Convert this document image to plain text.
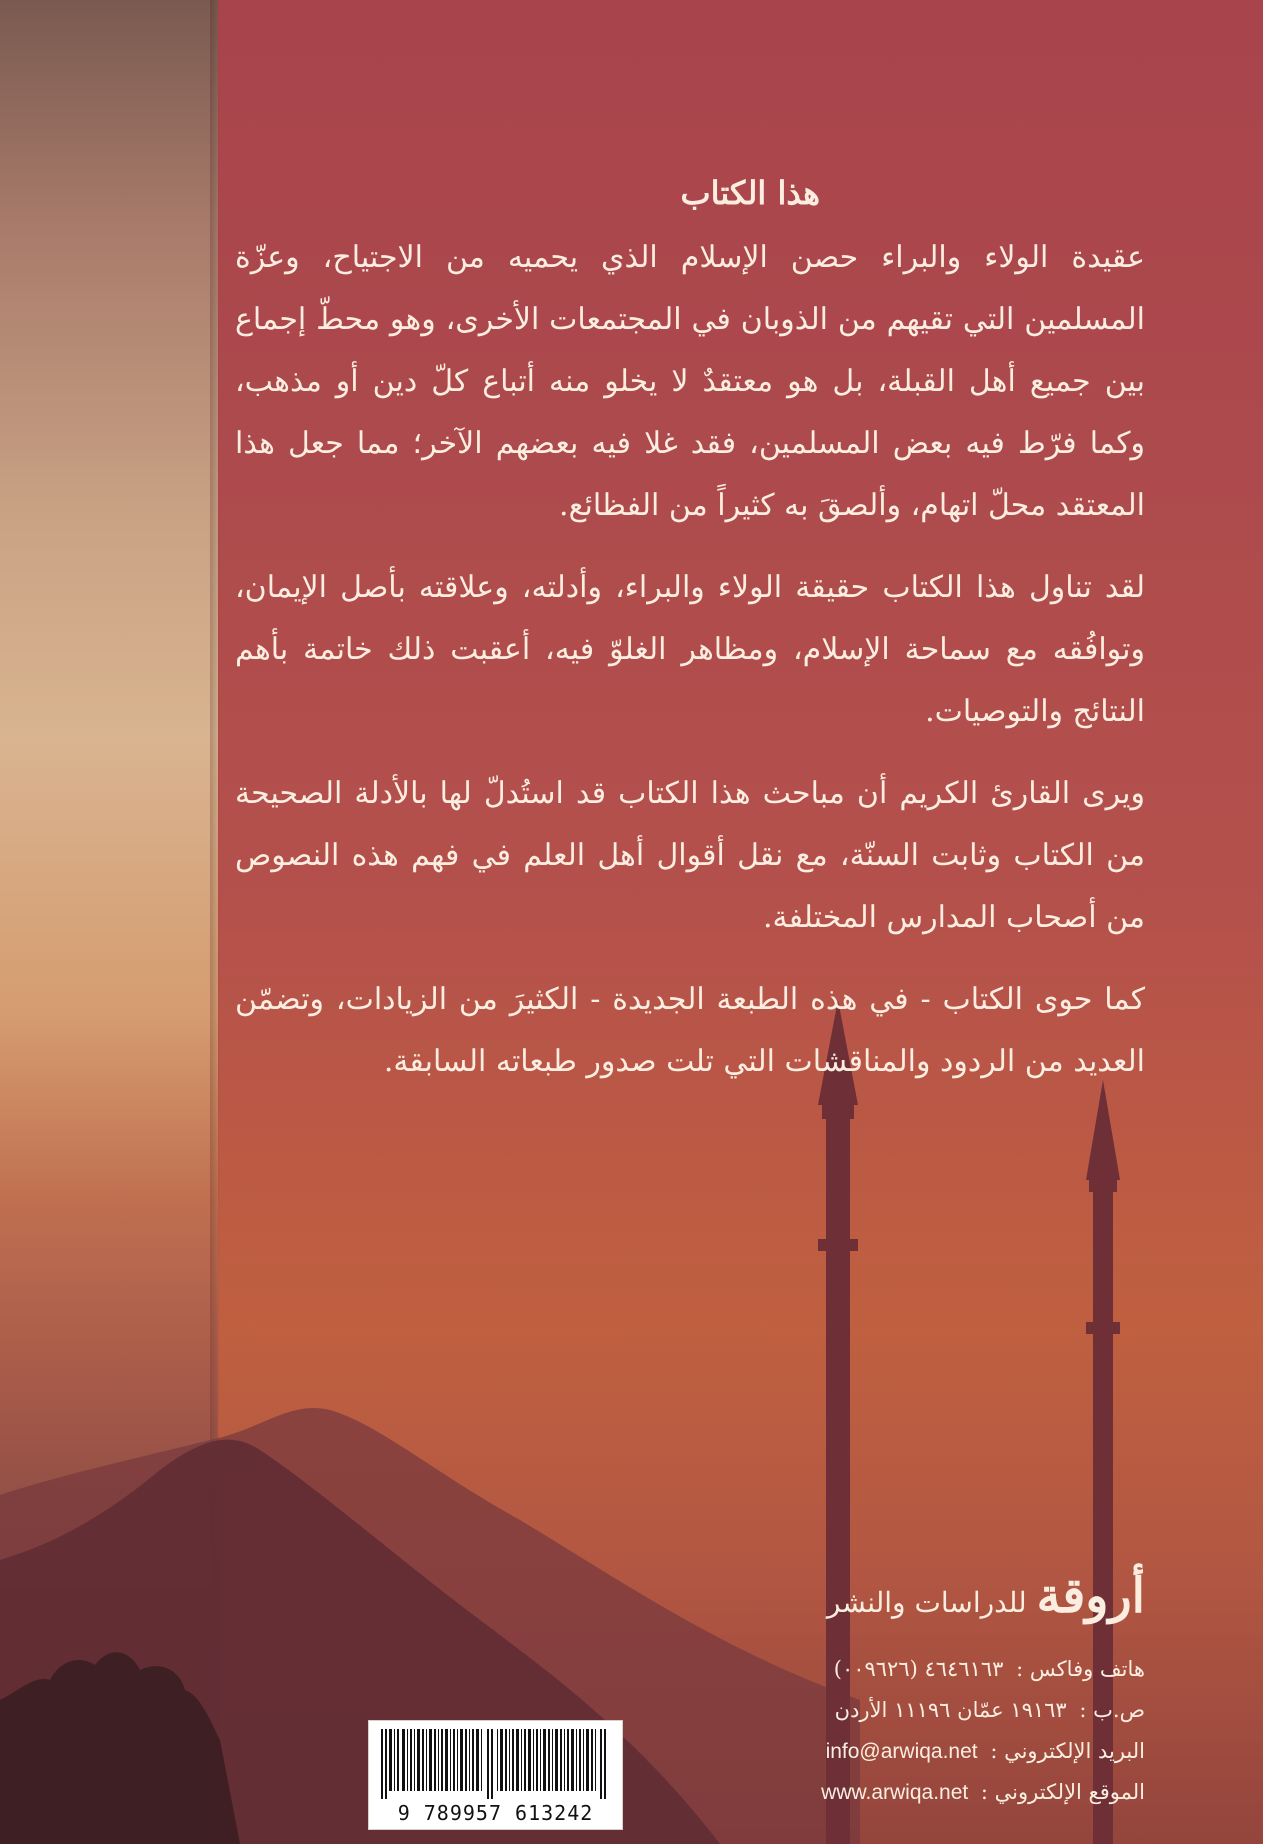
هذا الكتاب

عقيدة الولاء والبراء حصن الإسلام الذي يحميه من الاجتياح، وعزّة المسلمين التي تقيهم من الذوبان في المجتمعات الأخرى، وهو محطّ إجماع بين جميع أهل القبلة، بل هو معتقدٌ لا يخلو منه أتباع كلّ دين أو مذهب، وكما فرّط فيه بعض المسلمين، فقد غلا فيه بعضهم الآخر؛ مما جعل هذا المعتقد محلّ اتهام، وألصقَ به كثيراً من الفظائع.

لقد تناول هذا الكتاب حقيقة الولاء والبراء، وأدلته، وعلاقته بأصل الإيمان، وتوافُقه مع سماحة الإسلام، ومظاهر الغلوّ فيه، أعقبت ذلك خاتمة بأهم النتائج والتوصيات.

ويرى القارئ الكريم أن مباحث هذا الكتاب قد استُدلّ لها بالأدلة الصحيحة من الكتاب وثابت السنّة، مع نقل أقوال أهل العلم في فهم هذه النصوص من أصحاب المدارس المختلفة.

كما حوى الكتاب - في هذه الطبعة الجديدة - الكثيرَ من الزيادات، وتضمّن العديد من الردود والمناقشات التي تلت صدور طبعاته السابقة.

أروقة
للدراسات والنشر
هاتف وفاكس : ٤٦٤٦١٦٣ (٠٠٩٦٢٦)
ص.ب : ١٩١٦٣ عمّان ١١١٩٦ الأردن
البريد الإلكتروني : info@arwiqa.net
الموقع الإلكتروني : www.arwiqa.net
9 789957 613242
